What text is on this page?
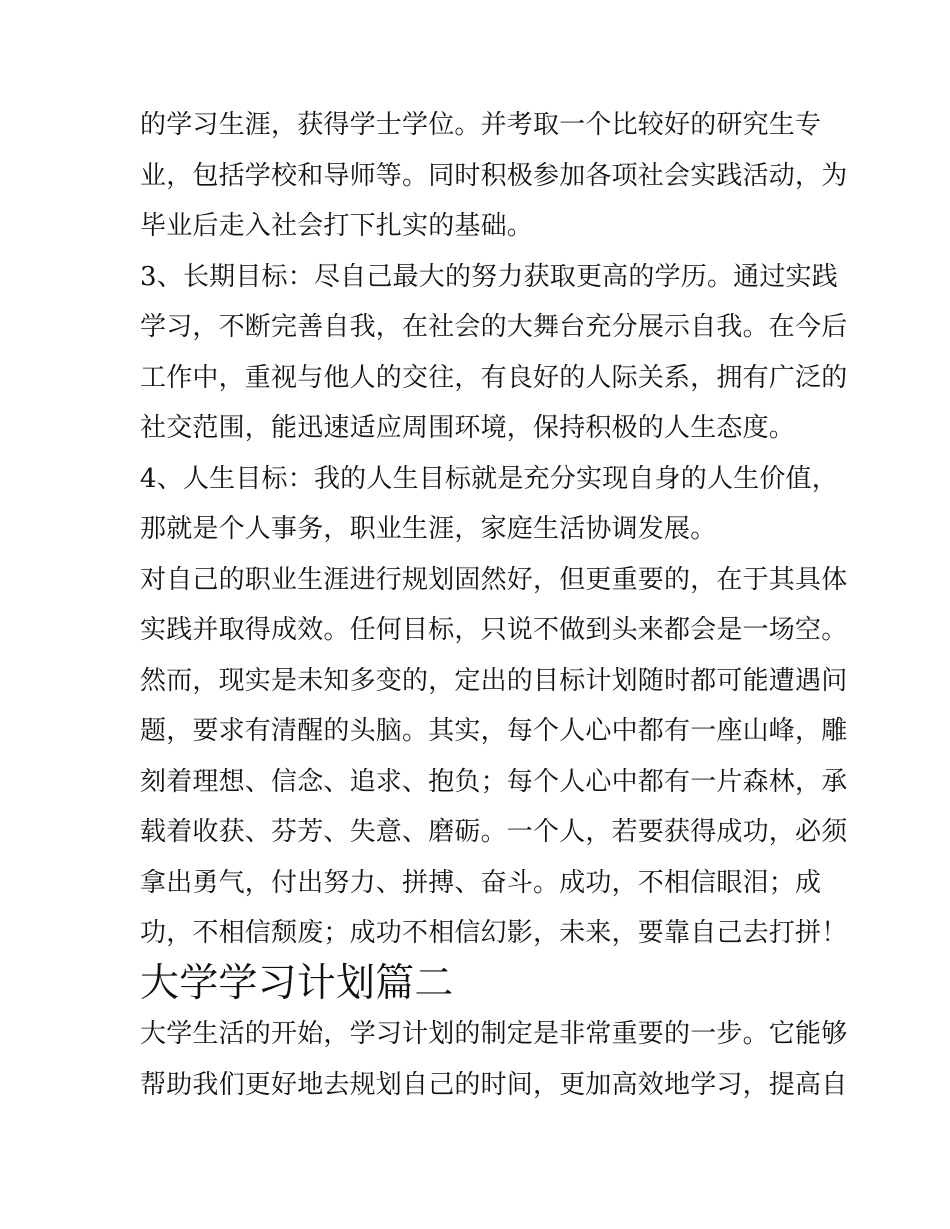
的学习生涯，获得学士学位。并考取一个比较好的研究生专
业，包括学校和导师等。同时积极参加各项社会实践活动，为
毕业后走入社会打下扎实的基础。

3、长期目标：尽自己最大的努力获取更高的学历。通过实践
学习，不断完善自我，在社会的大舞台充分展示自我。在今后
工作中，重视与他人的交往，有良好的人际关系，拥有广泛的
社交范围，能迅速适应周围环境，保持积极的人生态度。

4、人生目标：我的人生目标就是充分实现自身的人生价值，
那就是个人事务，职业生涯，家庭生活协调发展。

对自己的职业生涯进行规划固然好，但更重要的，在于其具体
实践并取得成效。任何目标，只说不做到头来都会是一场空。
然而，现实是未知多变的，定出的目标计划随时都可能遭遇问
题，要求有清醒的头脑。其实，每个人心中都有一座山峰，雕
刻着理想、信念、追求、抱负；每个人心中都有一片森林，承
载着收获、芬芳、失意、磨砺。一个人，若要获得成功，必须
拿出勇气，付出努力、拼搏、奋斗。成功，不相信眼泪；成
功，不相信颓废；成功不相信幻影，未来，要靠自己去打拼！

大学学习计划篇二

大学生活的开始，学习计划的制定是非常重要的一步。它能够
帮助我们更好地去规划自己的时间，更加高效地学习，提高自
